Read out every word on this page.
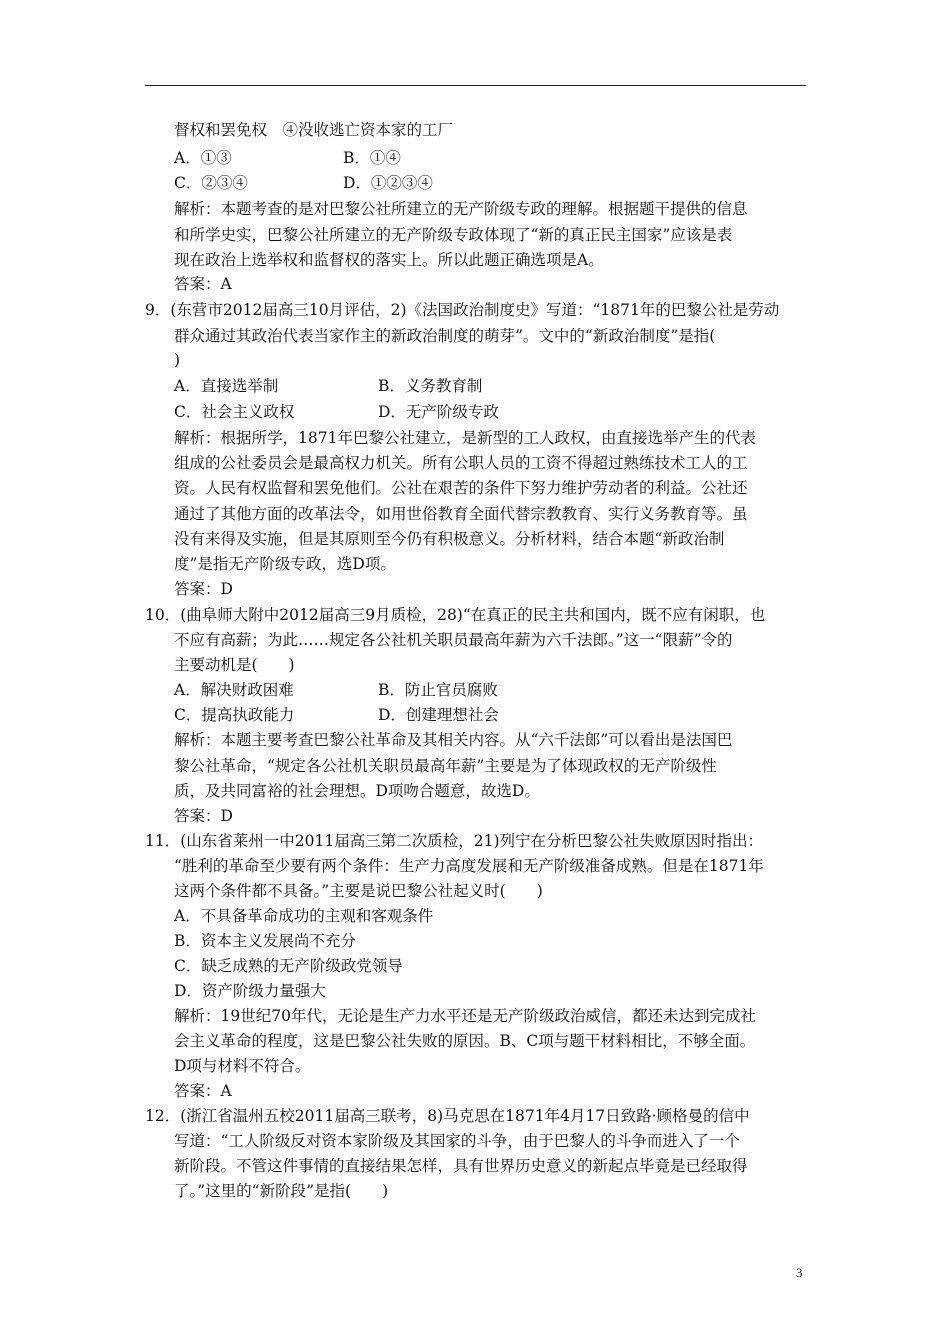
督权和罢免权　④没收逃亡资本家的工厂
A．①③	B．①④
C．②③④	D．①②③④
解析：本题考查的是对巴黎公社所建立的无产阶级专政的理解。根据题干提供的信息
和所学史实，巴黎公社所建立的无产阶级专政体现了“新的真正民主国家”应该是表
现在政治上选举权和监督权的落实上。所以此题正确选项是A。
答案：A
9．(东营市2012届高三10月评估，2)《法国政治制度史》写道：“1871年的巴黎公社是劳动
群众通过其政治代表当家作主的新政治制度的萌芽”。文中的“新政治制度”是指(
)
A．直接选举制	B．义务教育制
C．社会主义政权	D．无产阶级专政
解析：根据所学，1871年巴黎公社建立，是新型的工人政权，由直接选举产生的代表
组成的公社委员会是最高权力机关。所有公职人员的工资不得超过熟练技术工人的工
资。人民有权监督和罢免他们。公社在艰苦的条件下努力维护劳动者的利益。公社还
通过了其他方面的改革法令，如用世俗教育全面代替宗教教育、实行义务教育等。虽
没有来得及实施，但是其原则至今仍有积极意义。分析材料，结合本题“新政治制
度”是指无产阶级专政，选D项。
答案：D
10．(曲阜师大附中2012届高三9月质检，28)“在真正的民主共和国内，既不应有闲职，也
不应有高薪；为此……规定各公社机关职员最高年薪为六千法郎。”这一“限薪”令的
主要动机是(　　)
A．解决财政困难	B．防止官员腐败
C．提高执政能力	D．创建理想社会
解析：本题主要考查巴黎公社革命及其相关内容。从“六千法郎”可以看出是法国巴
黎公社革命，“规定各公社机关职员最高年薪”主要是为了体现政权的无产阶级性
质，及共同富裕的社会理想。D项吻合题意，故选D。
答案：D
11．(山东省莱州一中2011届高三第二次质检，21)列宁在分析巴黎公社失败原因时指出：
“胜利的革命至少要有两个条件：生产力高度发展和无产阶级准备成熟。但是在1871年
这两个条件都不具备。”主要是说巴黎公社起义时(　　)
A．不具备革命成功的主观和客观条件
B．资本主义发展尚不充分
C．缺乏成熟的无产阶级政党领导
D．资产阶级力量强大
解析：19世纪70年代，无论是生产力水平还是无产阶级政治威信，都还未达到完成社
会主义革命的程度，这是巴黎公社失败的原因。B、C项与题干材料相比，不够全面。
D项与材料不符合。
答案：A
12．(浙江省温州五校2011届高三联考，8)马克思在1871年4月17日致路·顾格曼的信中
写道：“工人阶级反对资本家阶级及其国家的斗争，由于巴黎人的斗争而进入了一个
新阶段。不管这件事情的直接结果怎样，具有世界历史意义的新起点毕竟是已经取得
了。”这里的“新阶段”是指(　　)
3
